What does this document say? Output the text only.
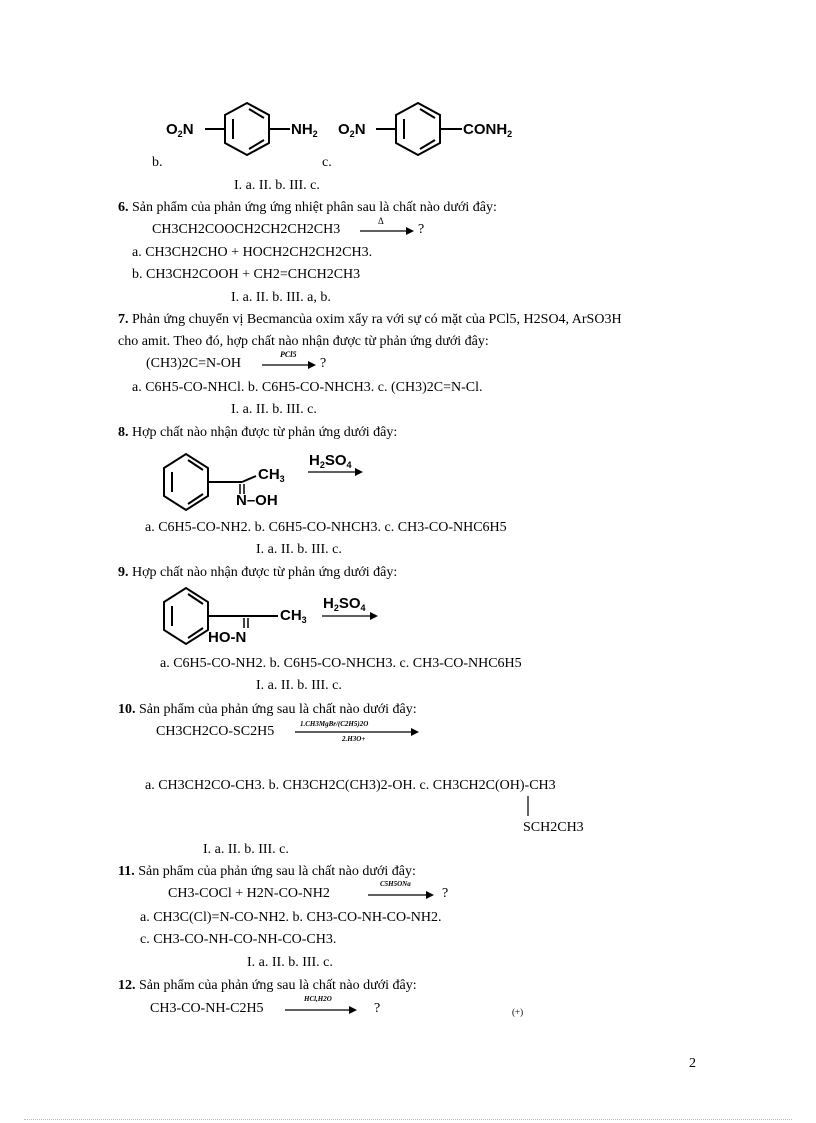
$O_2N$	$NH_2$ $O_2N$	$CONH_2$
b.	c.
I. a. II. b. III. c.
6. Sản phẩm của phản ứng ứng nhiệt phân sau là chất nào dưới đây:
CH3CH2COOCH2CH2CH2CH3
Δ
?
a. CH3CH2CHO + HOCH2CH2CH2CH3.
b. CH3CH2COOH + CH2=CHCH2CH3
I. a. II. b. III. a, b.
7. Phản ứng chuyển vị Becmancủa oxim xẩy ra với sự có mặt của PCl5, H2SO4, ArSO3H
cho amit. Theo đó, hợp chất nào nhận được từ phản ứng dưới đây:
(CH3)2C=N-OH
PCl5
?
a. C6H5-CO-NHCl. b. C6H5-CO-NHCH3. c. (CH3)2C=N-Cl.
I. a. II. b. III. c.
8. Hợp chất nào nhận được từ phản ứng dưới đây:
$CH_3$
N–OH
$H_2SO_4$
a. C6H5-CO-NH2. b. C6H5-CO-NHCH3. c. CH3-CO-NHC6H5
I. a. II. b. III. c.
9. Hợp chất nào nhận được từ phản ứng dưới đây:
$CH_3$
HO-N
$H_2SO_4$
a. C6H5-CO-NH2. b. C6H5-CO-NHCH3. c. CH3-CO-NHC6H5
I. a. II. b. III. c.
10. Sản phẩm của phản ứng sau là chất nào dưới đây:
CH3CH2CO-SC2H5	1.CH3MgBr/(C2H5)2O
2.H3O+
a. CH3CH2CO-CH3. b. CH3CH2C(CH3)2-OH. c. CH3CH2C(OH)-CH3
SCH2CH3
I. a. II. b. III. c.
11. Sản phẩm của phản ứng sau là chất nào dưới đây:
CH3-COCl + H2N-CO-NH2
C5H5ONa
?
a. CH3C(Cl)=N-CO-NH2. b. CH3-CO-NH-CO-NH2.
c. CH3-CO-NH-CO-NH-CO-CH3.
I. a. II. b. III. c.
12. Sản phẩm của phản ứng sau là chất nào dưới đây:
CH3-CO-NH-C2H5
HCl,H2O
?	(+)
2
